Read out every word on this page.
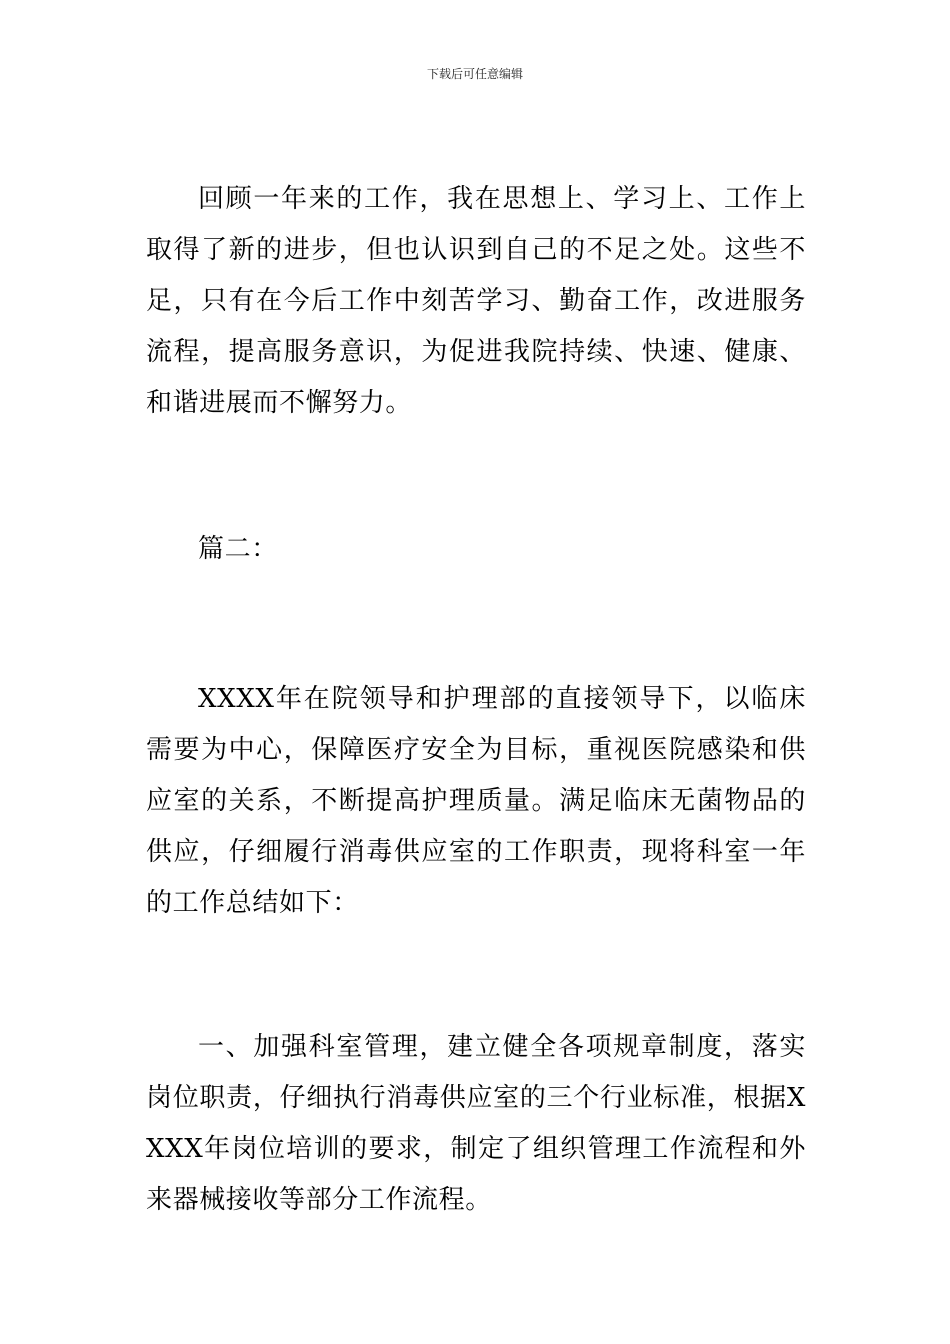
下载后可任意编辑

回顾一年来的工作，我在思想上、学习上、工作上取得了新的进步，但也认识到自己的不足之处。这些不足，只有在今后工作中刻苦学习、勤奋工作，改进服务流程，提高服务意识，为促进我院持续、快速、健康、和谐进展而不懈努力。

篇二：

XXXX年在院领导和护理部的直接领导下，以临床需要为中心，保障医疗安全为目标，重视医院感染和供应室的关系，不断提高护理质量。满足临床无菌物品的供应，仔细履行消毒供应室的工作职责，现将科室一年的工作总结如下：

一、加强科室管理，建立健全各项规章制度，落实岗位职责，仔细执行消毒供应室的三个行业标准，根据XXXX年岗位培训的要求，制定了组织管理工作流程和外来器械接收等部分工作流程。
